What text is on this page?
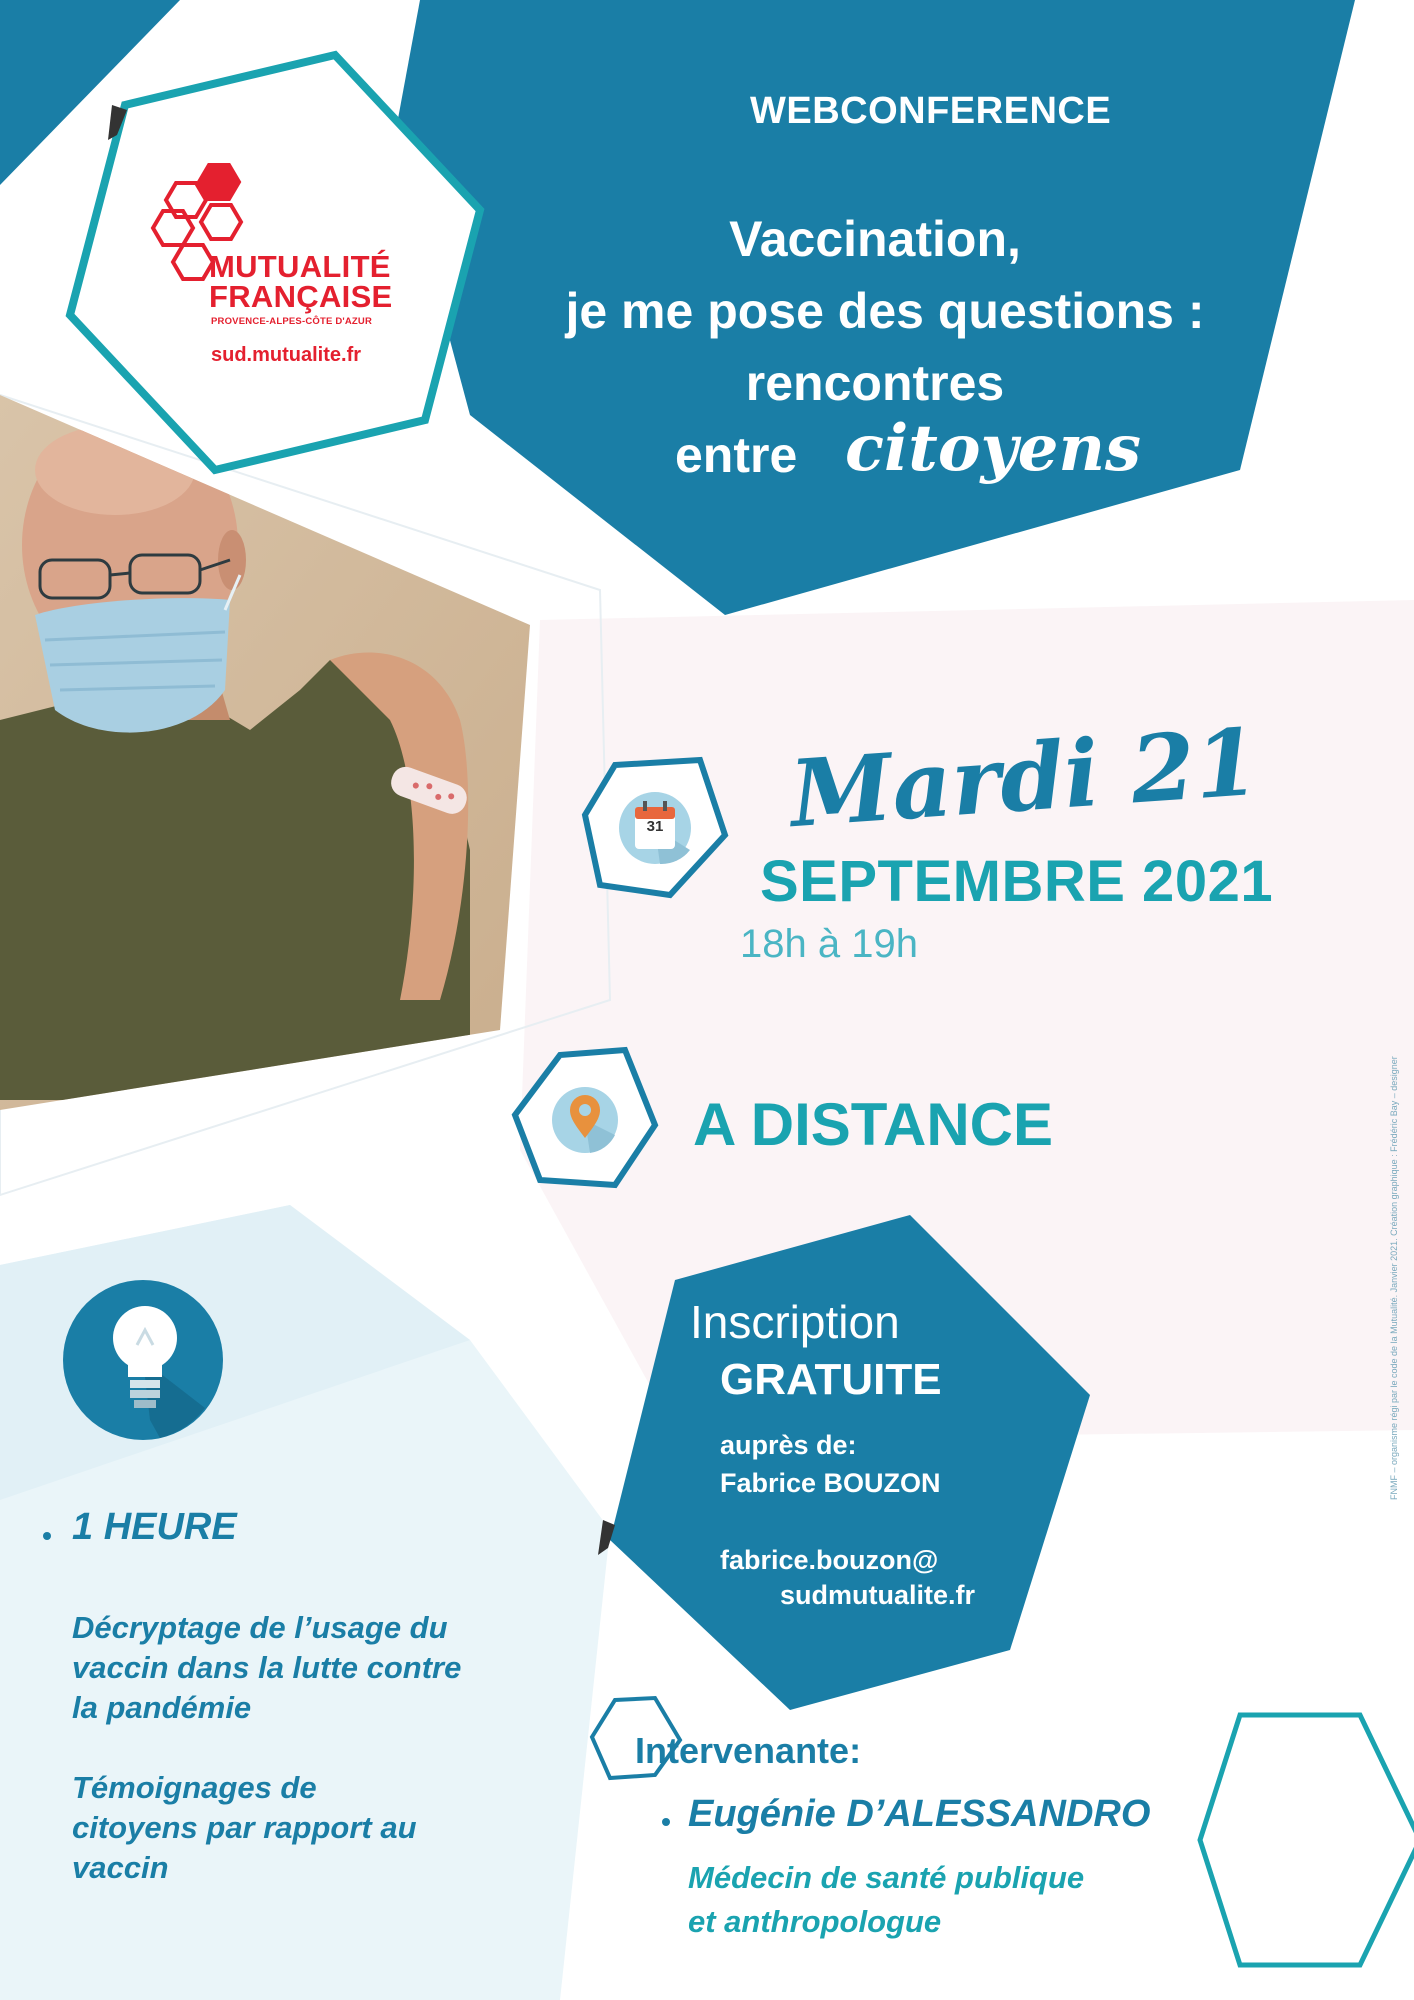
MUTUALITÉ
FRANÇAISE
PROVENCE-ALPES-CÔTE D'AZUR
sud.mutualite.fr
WEBCONFERENCE
Vaccination,
je me pose des questions :
rencontres
entre citoyens
31 Mardi 21
SEPTEMBRE 2021
18h à 19h
A DISTANCE
1 HEURE
Décryptage de l’usage du
vaccin dans la lutte contre
la pandémie
Témoignages de
citoyens par rapport au
vaccin
Inscription
GRATUITE
auprès de:
Fabrice BOUZON
fabrice.bouzon@
sudmutualite.fr
Intervenante:
Eugénie D’ALESSANDRO
Médecin de santé publique
et anthropologue
FNMF – organisme régi par le code de la Mutualité. Janvier 2021. Création graphique : Frédéric Bay – designer
